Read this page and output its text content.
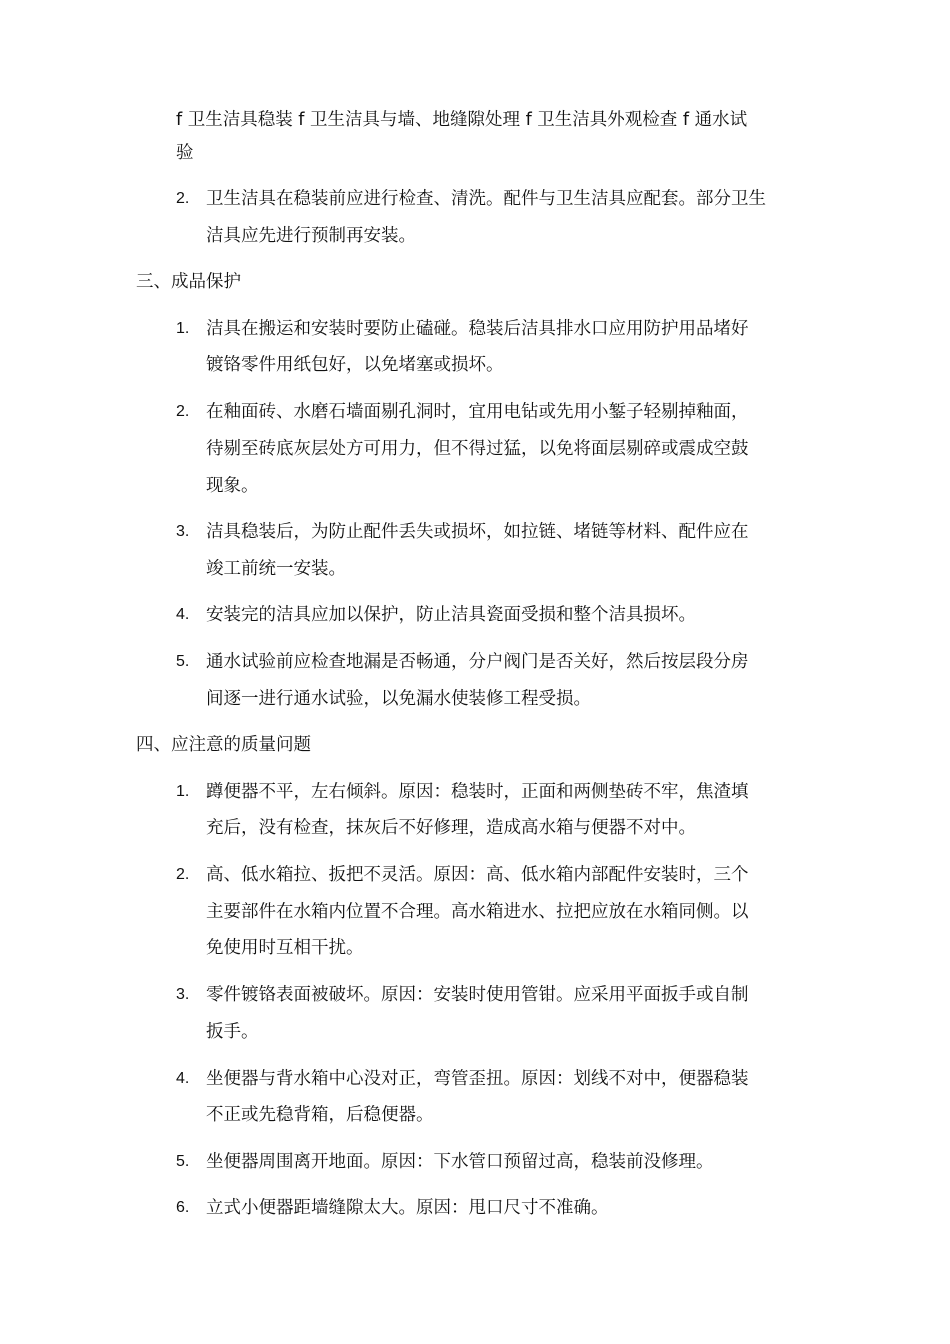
f 卫生洁具稳装 f 卫生洁具与墙、地缝隙处理 f 卫生洁具外观检查 f 通水试
验
2. 卫生洁具在稳装前应进行检查、清洗。配件与卫生洁具应配套。部分卫生
洁具应先进行预制再安装。
三、成品保护
1. 洁具在搬运和安装时要防止磕碰。稳装后洁具排水口应用防护用品堵好
镀铬零件用纸包好，以免堵塞或损坏。
2. 在釉面砖、水磨石墙面剔孔洞时，宜用电钻或先用小錾子轻剔掉釉面，
待剔至砖底灰层处方可用力，但不得过猛，以免将面层剔碎或震成空鼓
现象。
3. 洁具稳装后，为防止配件丢失或损坏，如拉链、堵链等材料、配件应在
竣工前统一安装。
4. 安装完的洁具应加以保护，防止洁具瓷面受损和整个洁具损坏。
5. 通水试验前应检查地漏是否畅通，分户阀门是否关好，然后按层段分房
间逐一进行通水试验，以免漏水使装修工程受损。
四、应注意的质量问题
1. 蹲便器不平，左右倾斜。原因：稳装时，正面和两侧垫砖不牢，焦渣填
充后，没有检查，抹灰后不好修理，造成高水箱与便器不对中。
2. 高、低水箱拉、扳把不灵活。原因：高、低水箱内部配件安装时，三个
主要部件在水箱内位置不合理。高水箱进水、拉把应放在水箱同侧。以
免使用时互相干扰。
3. 零件镀铬表面被破坏。原因：安装时使用管钳。应采用平面扳手或自制
扳手。
4. 坐便器与背水箱中心没对正，弯管歪扭。原因：划线不对中，便器稳装
不正或先稳背箱，后稳便器。
5. 坐便器周围离开地面。原因：下水管口预留过高，稳装前没修理。
6. 立式小便器距墙缝隙太大。原因：甩口尺寸不准确。
